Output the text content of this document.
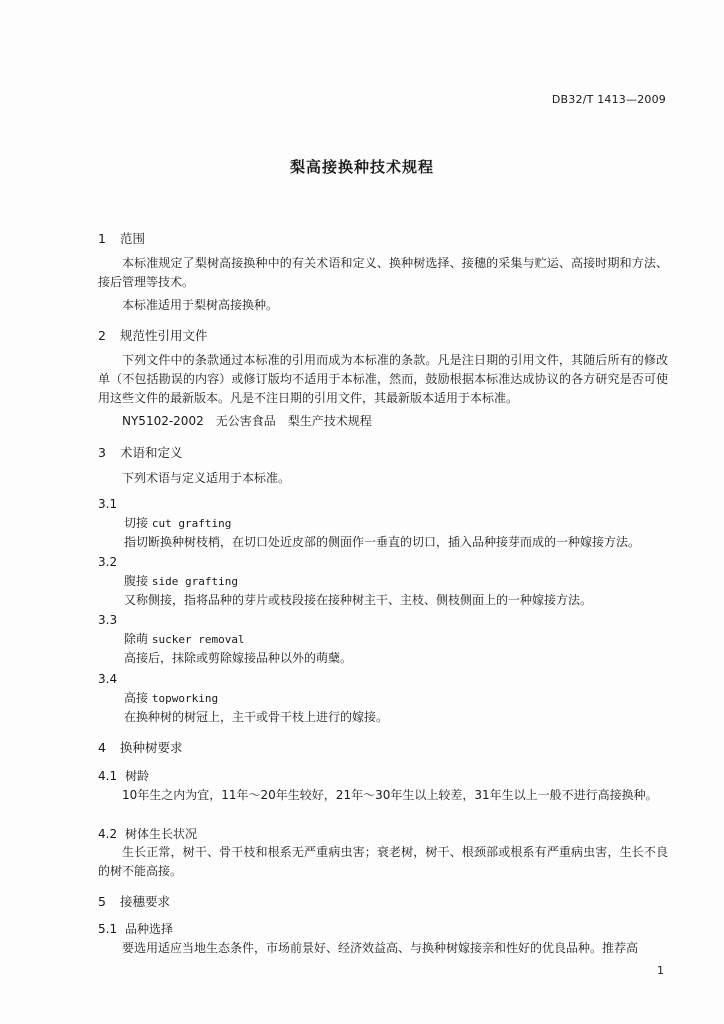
DB32/T 1413—2009
梨高接换种技术规程
1 范围
本标准规定了梨树高接换种中的有关术语和定义、换种树选择、接穗的采集与贮运、高接时期和方法、接后管理等技术。
本标准适用于梨树高接换种。
2 规范性引用文件
下列文件中的条款通过本标准的引用而成为本标准的条款。凡是注日期的引用文件，其随后所有的修改单（不包括勘误的内容）或修订版均不适用于本标准，然而，鼓励根据本标准达成协议的各方研究是否可使用这些文件的最新版本。凡是不注日期的引用文件，其最新版本适用于本标准。
NY5102-2002　无公害食品　梨生产技术规程
3 术语和定义
下列术语与定义适用于本标准。
3.1
切接 cut grafting
指切断换种树枝梢，在切口处近皮部的侧面作一垂直的切口，插入品种接芽而成的一种嫁接方法。
3.2
腹接 side grafting
又称侧接，指将品种的芽片或枝段接在接种树主干、主枝、侧枝侧面上的一种嫁接方法。
3.3
除萌 sucker removal
高接后，抹除或剪除嫁接品种以外的萌蘖。
3.4
高接 topworking
在换种树的树冠上，主干或骨干枝上进行的嫁接。
4 换种树要求
4.1 树龄
10年生之内为宜，11年～20年生较好，21年～30年生以上较差，31年生以上一般不进行高接换种。
4.2 树体生长状况
生长正常，树干、骨干枝和根系无严重病虫害；衰老树，树干、根颈部或根系有严重病虫害，生长不良的树不能高接。
5 接穗要求
5.1 品种选择
要选用适应当地生态条件，市场前景好、经济效益高、与换种树嫁接亲和性好的优良品种。推荐高
1
